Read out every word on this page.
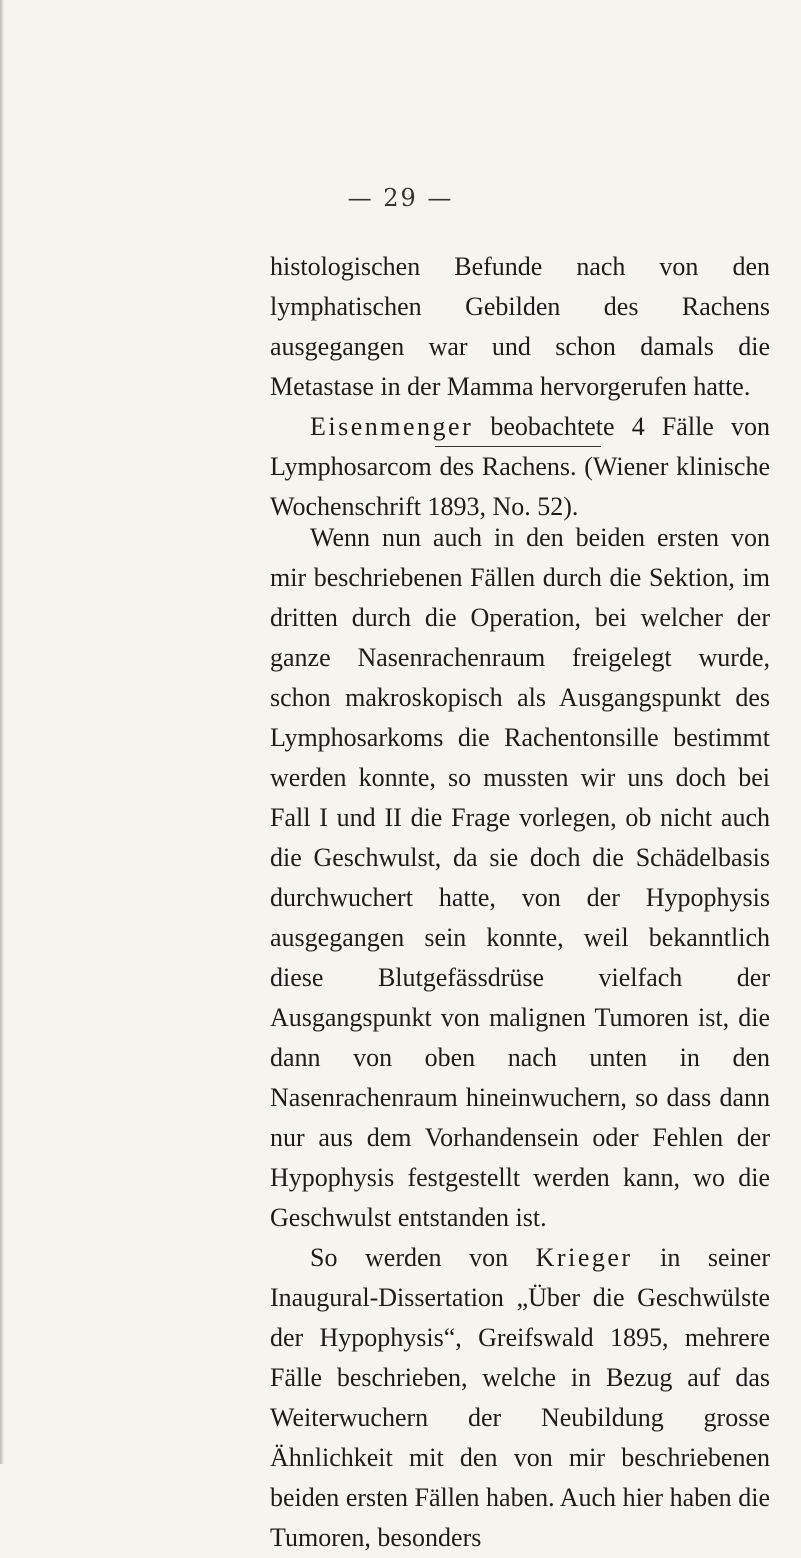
— 29 —

histologischen Befunde nach von den lymphatischen Gebilden des Rachens ausgegangen war und schon damals die Metastase in der Mamma hervorgerufen hatte.

Eisenmenger beobachtete 4 Fälle von Lymphosarcom des Rachens. (Wiener klinische Wochenschrift 1893, No. 52).

Wenn nun auch in den beiden ersten von mir beschriebenen Fällen durch die Sektion, im dritten durch die Operation, bei welcher der ganze Nasenrachenraum freigelegt wurde, schon makroskopisch als Ausgangspunkt des Lymphosarkoms die Rachentonsille bestimmt werden konnte, so mussten wir uns doch bei Fall I und II die Frage vorlegen, ob nicht auch die Geschwulst, da sie doch die Schädelbasis durchwuchert hatte, von der Hypophysis ausgegangen sein konnte, weil bekanntlich diese Blutgefässdrüse vielfach der Ausgangspunkt von malignen Tumoren ist, die dann von oben nach unten in den Nasenrachenraum hineinwuchern, so dass dann nur aus dem Vorhandensein oder Fehlen der Hypophysis festgestellt werden kann, wo die Geschwulst entstanden ist.

So werden von Krieger in seiner Inaugural-Dissertation „Über die Geschwülste der Hypophysis“, Greifswald 1895, mehrere Fälle beschrieben, welche in Bezug auf das Weiterwuchern der Neubildung grosse Ähnlichkeit mit den von mir beschriebenen beiden ersten Fällen haben. Auch hier haben die Tumoren, besonders
